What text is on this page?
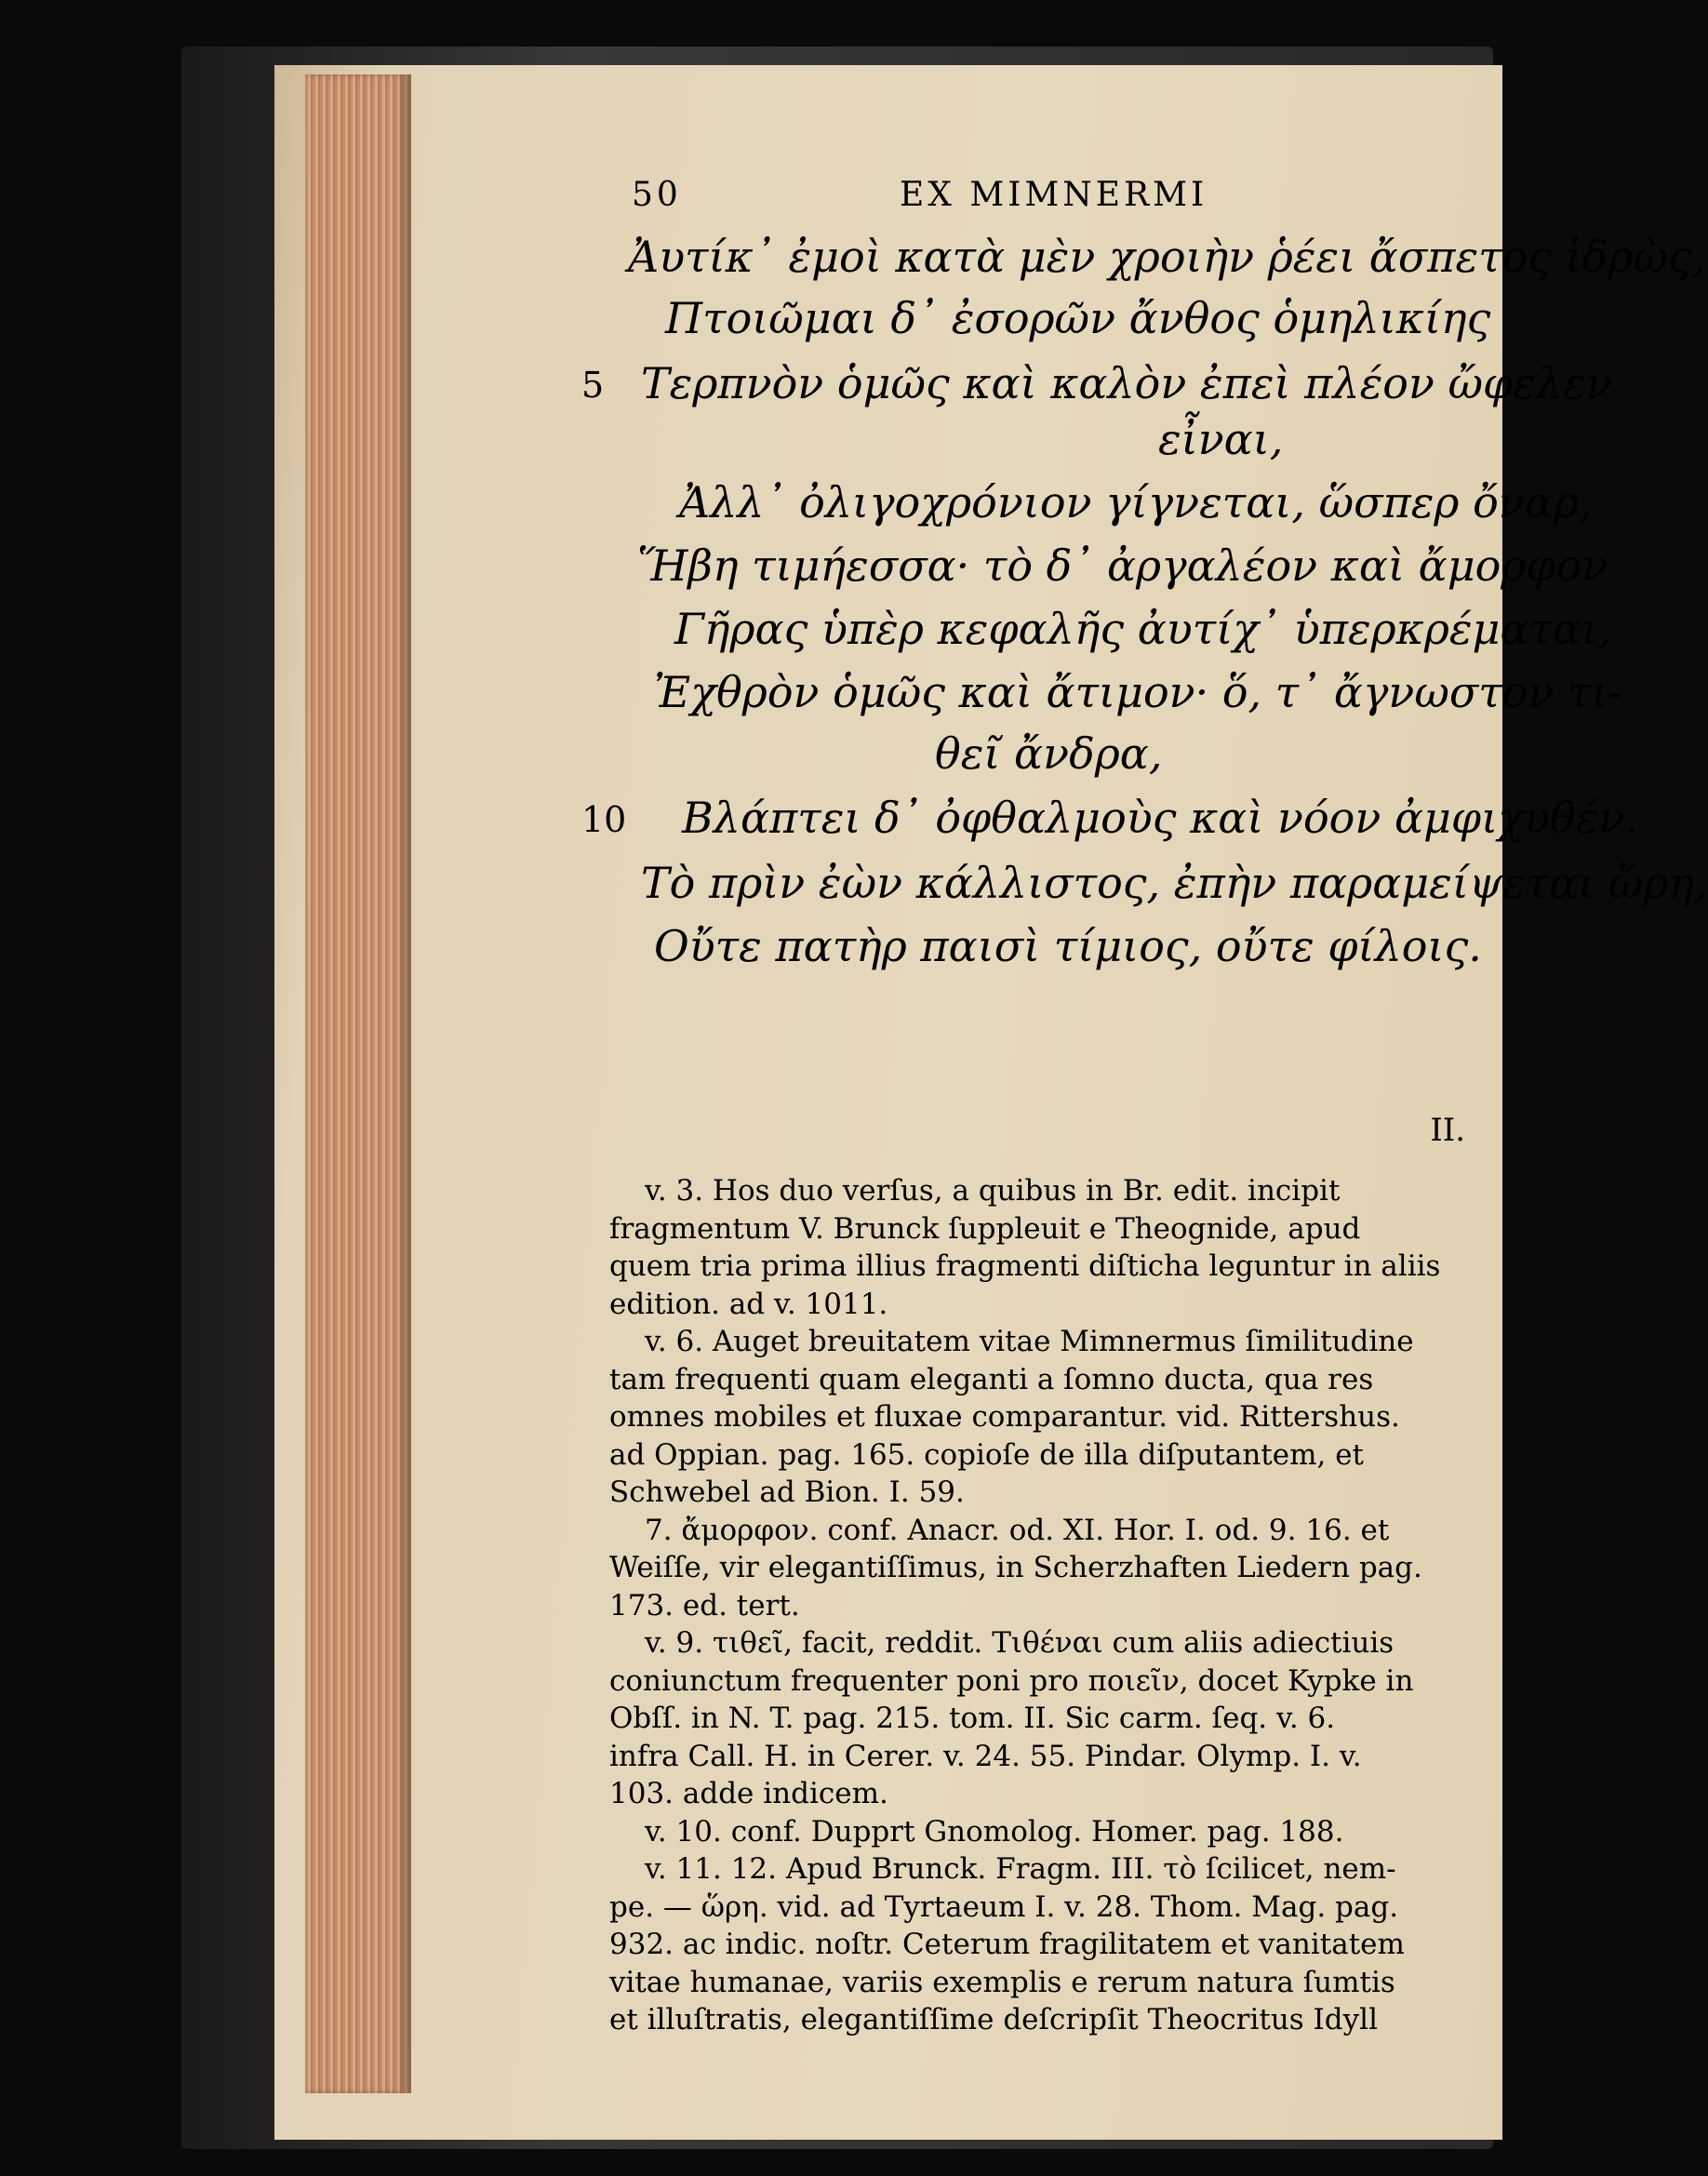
50	EX MIMNERMI
Ἀυτίκ᾽ ἐμοὶ κατὰ μὲν χροιὴν ῥέει ἄσπετος ἱδρὼς,
Πτοιῶμαι δ᾽ ἐσορῶν ἄνθος ὁμηλικίης
5 Τερπνὸν ὁμῶς καὶ καλὸν ἐπεὶ πλέον ὤφελεν
εἶναι,
Ἀλλ᾽ ὀλιγοχρόνιον γίγνεται, ὥσπερ ὄναρ,
Ἥβη τιμήεσσα· τὸ δ᾽ ἀργαλέον καὶ ἄμορφον
Γῆρας ὑπὲρ κεφαλῆς ἀυτίχ᾽ ὑπερκρέμαται,
Ἐχθρὸν ὁμῶς καὶ ἄτιμον· ὅ, τ᾽ ἄγνωστον τι-
θεῖ ἄνδρα,
10 Βλάπτει δ᾽ ὀφθαλμοὺς καὶ νόον ἀμφιχυθέν.
Τὸ πρὶν ἐὼν κάλλιστος, ἐπὴν παραμείψεται ὥρη,
Οὔτε πατὴρ παισὶ τίμιος, οὔτε φίλοις.
II.
v. 3. Hos duo verſus, a quibus in Br. edit. incipit
fragmentum V. Brunck ſuppleuit e Theognide, apud
quem tria prima illius fragmenti diſticha leguntur in aliis
edition. ad v. 1011.
v. 6. Auget breuitatem vitae Mimnermus ſimilitudine
tam frequenti quam eleganti a ſomno ducta, qua res
omnes mobiles et fluxae comparantur. vid. Rittershus.
ad Oppian. pag. 165. copioſe de illa diſputantem, et
Schwebel ad Bion. I. 59.
7. ἄμορφον. conf. Anacr. od. XI. Hor. I. od. 9. 16. et
Weiſſe, vir elegantiſſimus, in Scherzhaften Liedern pag.
173. ed. tert.
v. 9. τιθεῖ, facit, reddit. Τιθέναι cum aliis adiectiuis
coniunctum frequenter poni pro ποιεῖν, docet Kypke in
Obſſ. in N. T. pag. 215. tom. II. Sic carm. ſeq. v. 6.
infra Call. H. in Cerer. v. 24. 55. Pindar. Olymp. I. v.
103. adde indicem.
v. 10. conf. Dupprt Gnomolog. Homer. pag. 188.
v. 11. 12. Apud Brunck. Fragm. III. τὸ ſcilicet, nem-
pe. — ὥρη. vid. ad Tyrtaeum I. v. 28. Thom. Mag. pag.
932. ac indic. noſtr. Ceterum fragilitatem et vanitatem
vitae humanae, variis exemplis e rerum natura ſumtis
et illuſtratis, elegantiſſime deſcripſit Theocritus Idyll
